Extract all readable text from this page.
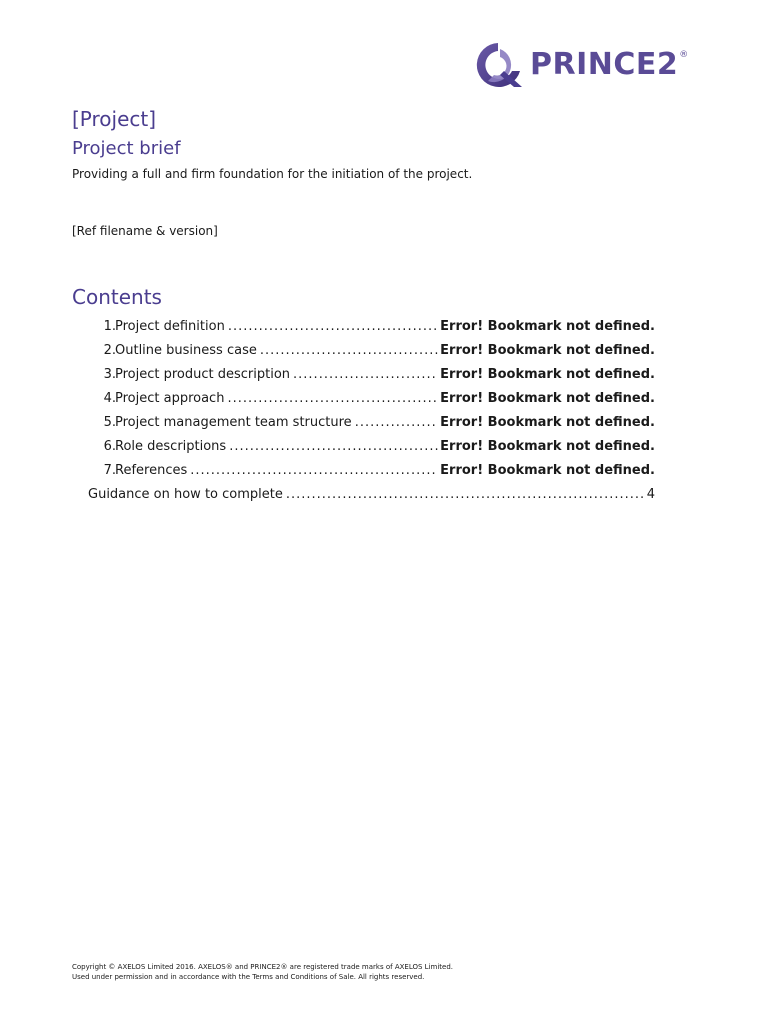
PRINCE2 ®
[Project]
Project brief

Providing a full and firm foundation for the initiation of the project.

[Ref filename & version]

Contents
1. Project definition .....	Error! Bookmark not defined.
2. Outline business case .....	Error! Bookmark not defined.
3. Project product description .....	Error! Bookmark not defined.
4. Project approach .....	Error! Bookmark not defined.
5. Project management team structure .....	Error! Bookmark not defined.
6. Role descriptions .....	Error! Bookmark not defined.
7. References .....	Error! Bookmark not defined.
Guidance on how to complete .....	4

Copyright © AXELOS Limited 2016. AXELOS® and PRINCE2® are registered trade marks of AXELOS Limited.

Used under permission and in accordance with the Terms and Conditions of Sale. All rights reserved.
